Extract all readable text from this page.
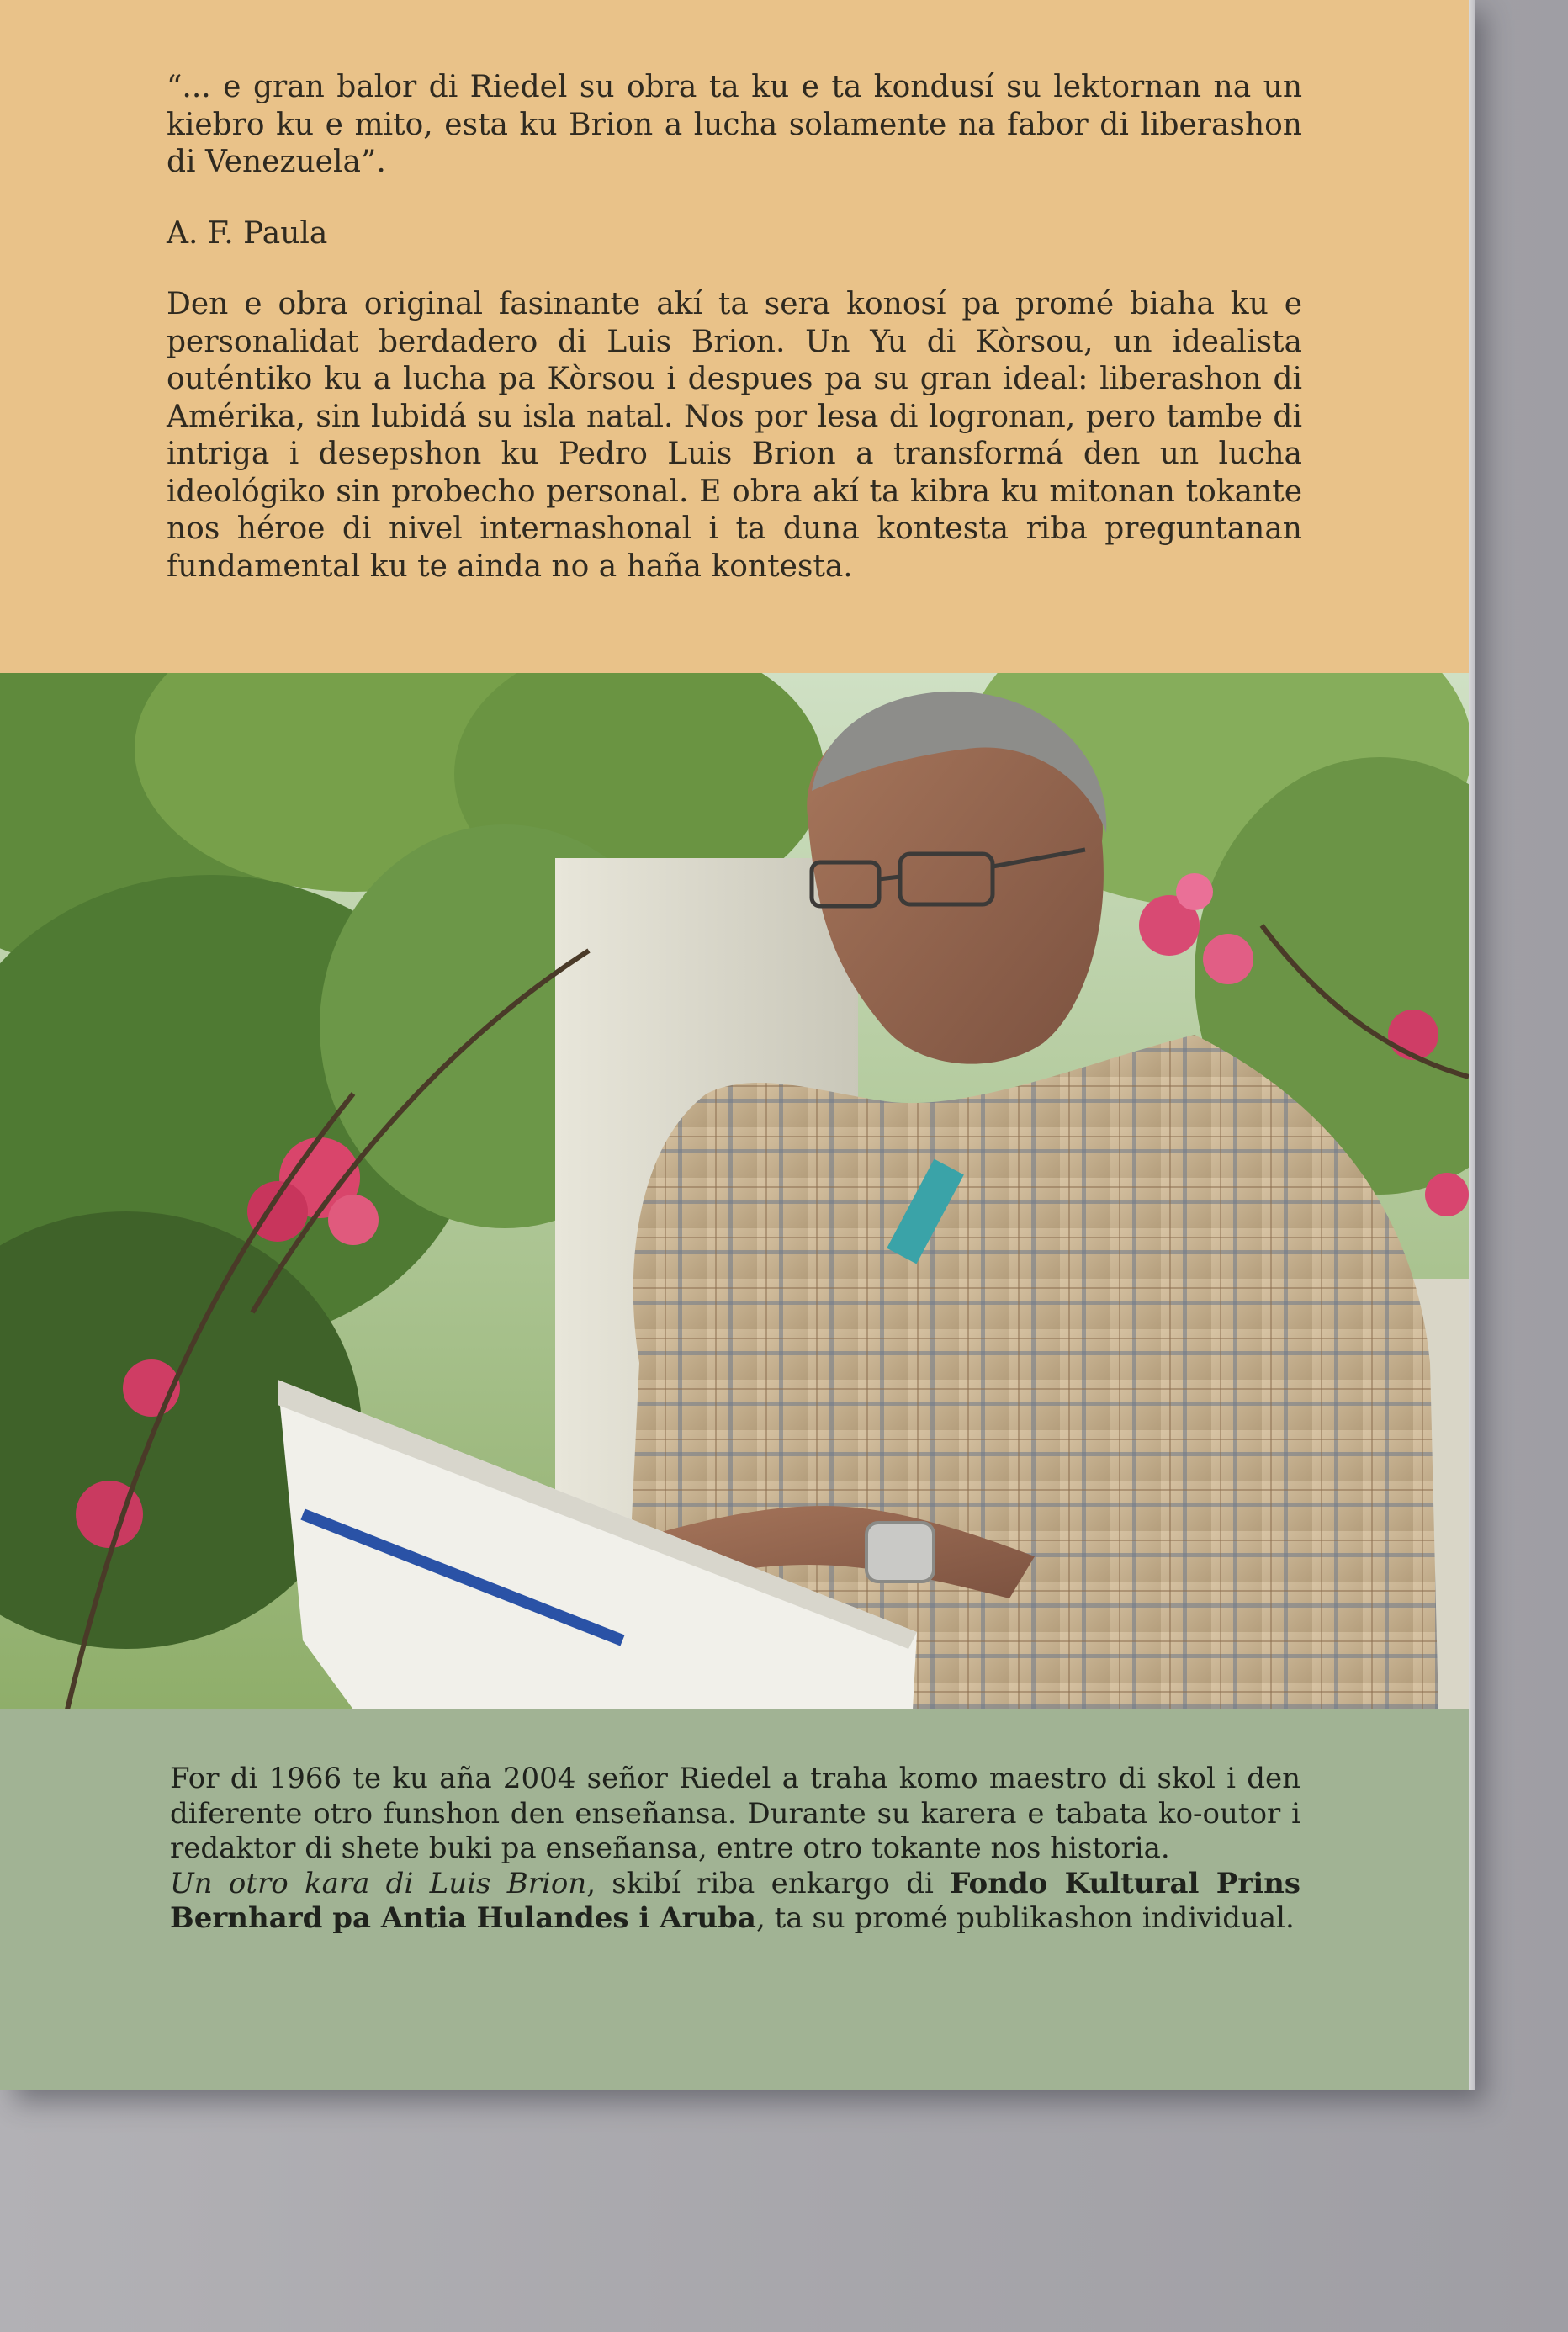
“... e gran balor di Riedel su obra ta ku e ta kondusí su lektornan na un kiebro ku e mito, esta ku Brion a lucha solamente na fabor di liberashon di Venezuela”.

A. F. Paula

Den e obra original fasinante akí ta sera konosí pa promé biaha ku e personalidat berdadero di Luis Brion. Un Yu di Kòrsou, un idealista outéntiko ku a lucha pa Kòrsou i despues pa su gran ideal: liberashon di Amérika, sin lubidá su isla natal. Nos por lesa di logronan, pero tambe di intriga i desepshon ku Pedro Luis Brion a transformá den un lucha ideológiko sin probecho personal. E obra akí ta kibra ku mitonan tokante nos héroe di nivel internashonal i ta duna kontesta riba preguntanan fundamental ku te ainda no a haña kontesta.

For di 1966 te ku aña 2004 señor Riedel a traha komo maestro di skol i den diferente otro funshon den enseñansa. Durante su karera e tabata ko-outor i redaktor di shete buki pa enseñansa, entre otro tokante nos historia.

Un otro kara di Luis Brion, skibí riba enkargo di Fondo Kultural Prins Bernhard pa Antia Hulandes i Aruba, ta su promé publikashon individual.
